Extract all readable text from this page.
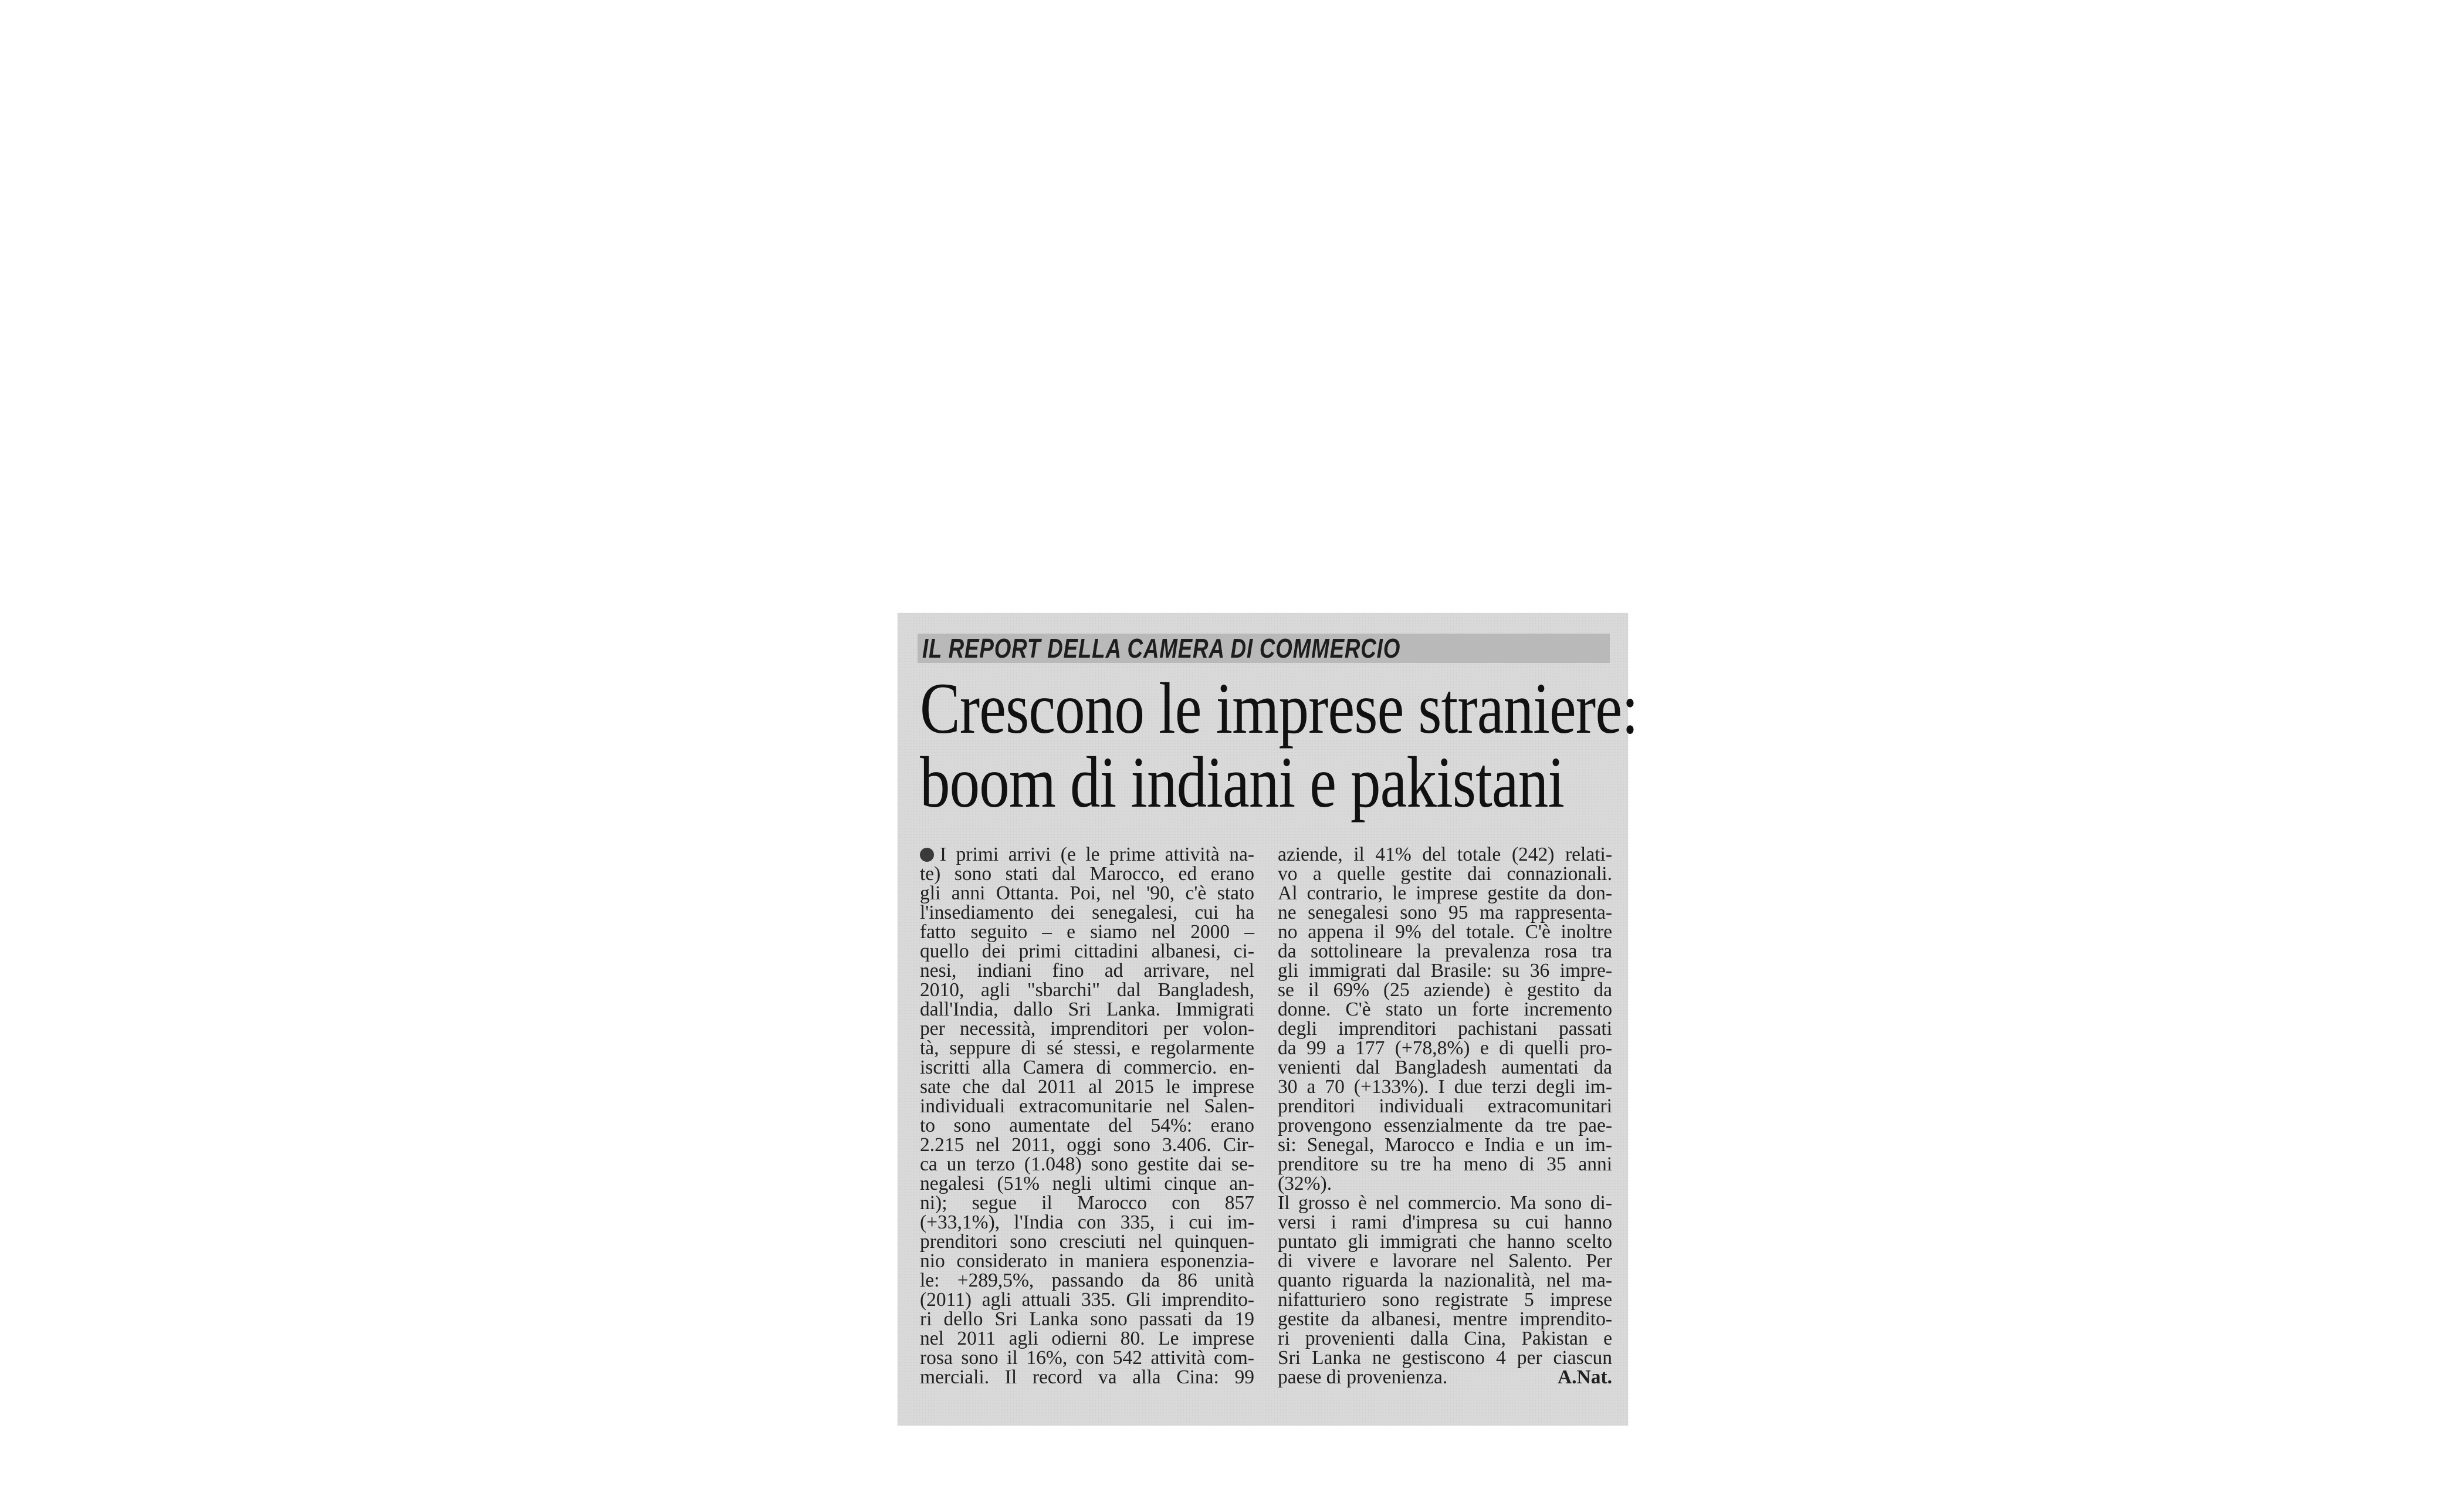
IL REPORT DELLA CAMERA DI COMMERCIO
Crescono le imprese straniere:
boom di indiani e pakistani
I primi arrivi (e le prime attività na-
te) sono stati dal Marocco, ed erano
gli anni Ottanta. Poi, nel '90, c'è stato
l'insediamento dei senegalesi, cui ha
fatto seguito – e siamo nel 2000 –
quello dei primi cittadini albanesi, ci-
nesi, indiani fino ad arrivare, nel
2010, agli "sbarchi" dal Bangladesh,
dall'India, dallo Sri Lanka. Immigrati
per necessità, imprenditori per volon-
tà, seppure di sé stessi, e regolarmente
iscritti alla Camera di commercio. en-
sate che dal 2011 al 2015 le imprese
individuali extracomunitarie nel Salen-
to sono aumentate del 54%: erano
2.215 nel 2011, oggi sono 3.406. Cir-
ca un terzo (1.048) sono gestite dai se-
negalesi (51% negli ultimi cinque an-
ni); segue il Marocco con 857
(+33,1%), l'India con 335, i cui im-
prenditori sono cresciuti nel quinquen-
nio considerato in maniera esponenzia-
le: +289,5%, passando da 86 unità
(2011) agli attuali 335. Gli imprendito-
ri dello Sri Lanka sono passati da 19
nel 2011 agli odierni 80. Le imprese
rosa sono il 16%, con 542 attività com-
merciali. Il record va alla Cina: 99
aziende, il 41% del totale (242) relati-
vo a quelle gestite dai connazionali.
Al contrario, le imprese gestite da don-
ne senegalesi sono 95 ma rappresenta-
no appena il 9% del totale. C'è inoltre
da sottolineare la prevalenza rosa tra
gli immigrati dal Brasile: su 36 impre-
se il 69% (25 aziende) è gestito da
donne. C'è stato un forte incremento
degli imprenditori pachistani passati
da 99 a 177 (+78,8%) e di quelli pro-
venienti dal Bangladesh aumentati da
30 a 70 (+133%). I due terzi degli im-
prenditori individuali extracomunitari
provengono essenzialmente da tre paе-
si: Senegal, Marocco e India e un im-
prenditore su tre ha meno di 35 anni
(32%).
Il grosso è nel commercio. Ma sono di-
versi i rami d'impresa su cui hanno
puntato gli immigrati che hanno scelto
di vivere e lavorare nel Salento. Per
quanto riguarda la nazionalità, nel ma-
nifatturiero sono registrate 5 imprese
gestite da albanesi, mentre imprendito-
ri provenienti dalla Cina, Pakistan e
Sri Lanka ne gestiscono 4 per ciascun
paese di provenienza.	A.Nat.
